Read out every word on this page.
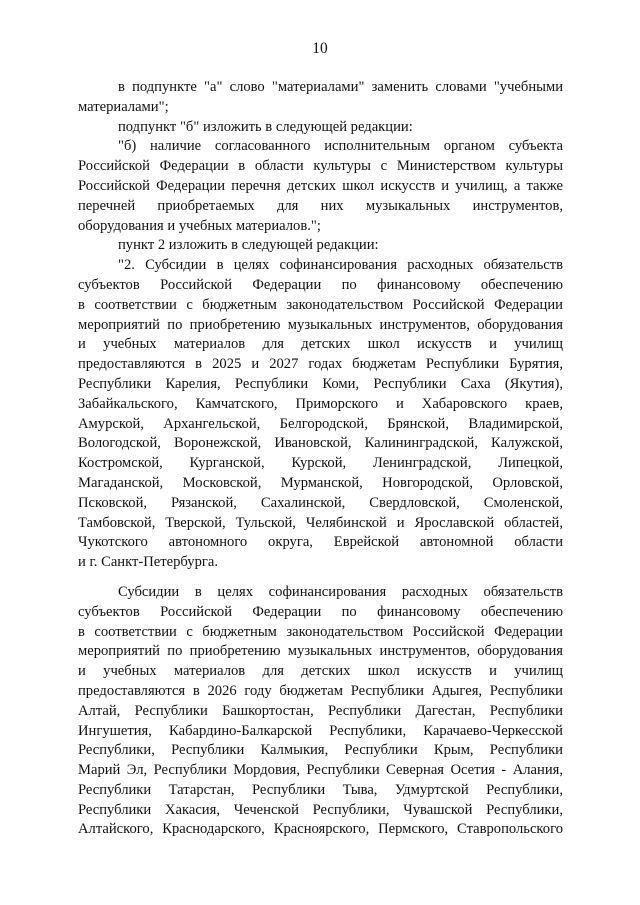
10
в подпункте "а" слово "материалами" заменить словами "учебными
материалами";
подпункт "б" изложить в следующей редакции:
"б) наличие согласованного исполнительным органом субъекта
Российской Федерации в области культуры с Министерством культуры
Российской Федерации перечня детских школ искусств и училищ, а также
перечней приобретаемых для них музыкальных инструментов,
оборудования и учебных материалов.";
пункт 2 изложить в следующей редакции:
"2. Субсидии в целях софинансирования расходных обязательств
субъектов Российской Федерации по финансовому обеспечению
в соответствии с бюджетным законодательством Российской Федерации
мероприятий по приобретению музыкальных инструментов, оборудования
и учебных материалов для детских школ искусств и училищ
предоставляются в 2025 и 2027 годах бюджетам Республики Бурятия,
Республики Карелия, Республики Коми, Республики Саха (Якутия),
Забайкальского, Камчатского, Приморского и Хабаровского краев,
Амурской, Архангельской, Белгородской, Брянской, Владимирской,
Вологодской, Воронежской, Ивановской, Калининградской, Калужской,
Костромской, Курганской, Курской, Ленинградской, Липецкой,
Магаданской, Московской, Мурманской, Новгородской, Орловской,
Псковской, Рязанской, Сахалинской, Свердловской, Смоленской,
Тамбовской, Тверской, Тульской, Челябинской и Ярославской областей,
Чукотского автономного округа, Еврейской автономной области
и г. Санкт-Петербурга.
Субсидии в целях софинансирования расходных обязательств
субъектов Российской Федерации по финансовому обеспечению
в соответствии с бюджетным законодательством Российской Федерации
мероприятий по приобретению музыкальных инструментов, оборудования
и учебных материалов для детских школ искусств и училищ
предоставляются в 2026 году бюджетам Республики Адыгея, Республики
Алтай, Республики Башкортостан, Республики Дагестан, Республики
Ингушетия, Кабардино-Балкарской Республики, Карачаево-Черкесской
Республики, Республики Калмыкия, Республики Крым, Республики
Марий Эл, Республики Мордовия, Республики Северная Осетия - Алания,
Республики Татарстан, Республики Тыва, Удмуртской Республики,
Республики Хакасия, Чеченской Республики, Чувашской Республики,
Алтайского, Краснодарского, Красноярского, Пермского, Ставропольского
